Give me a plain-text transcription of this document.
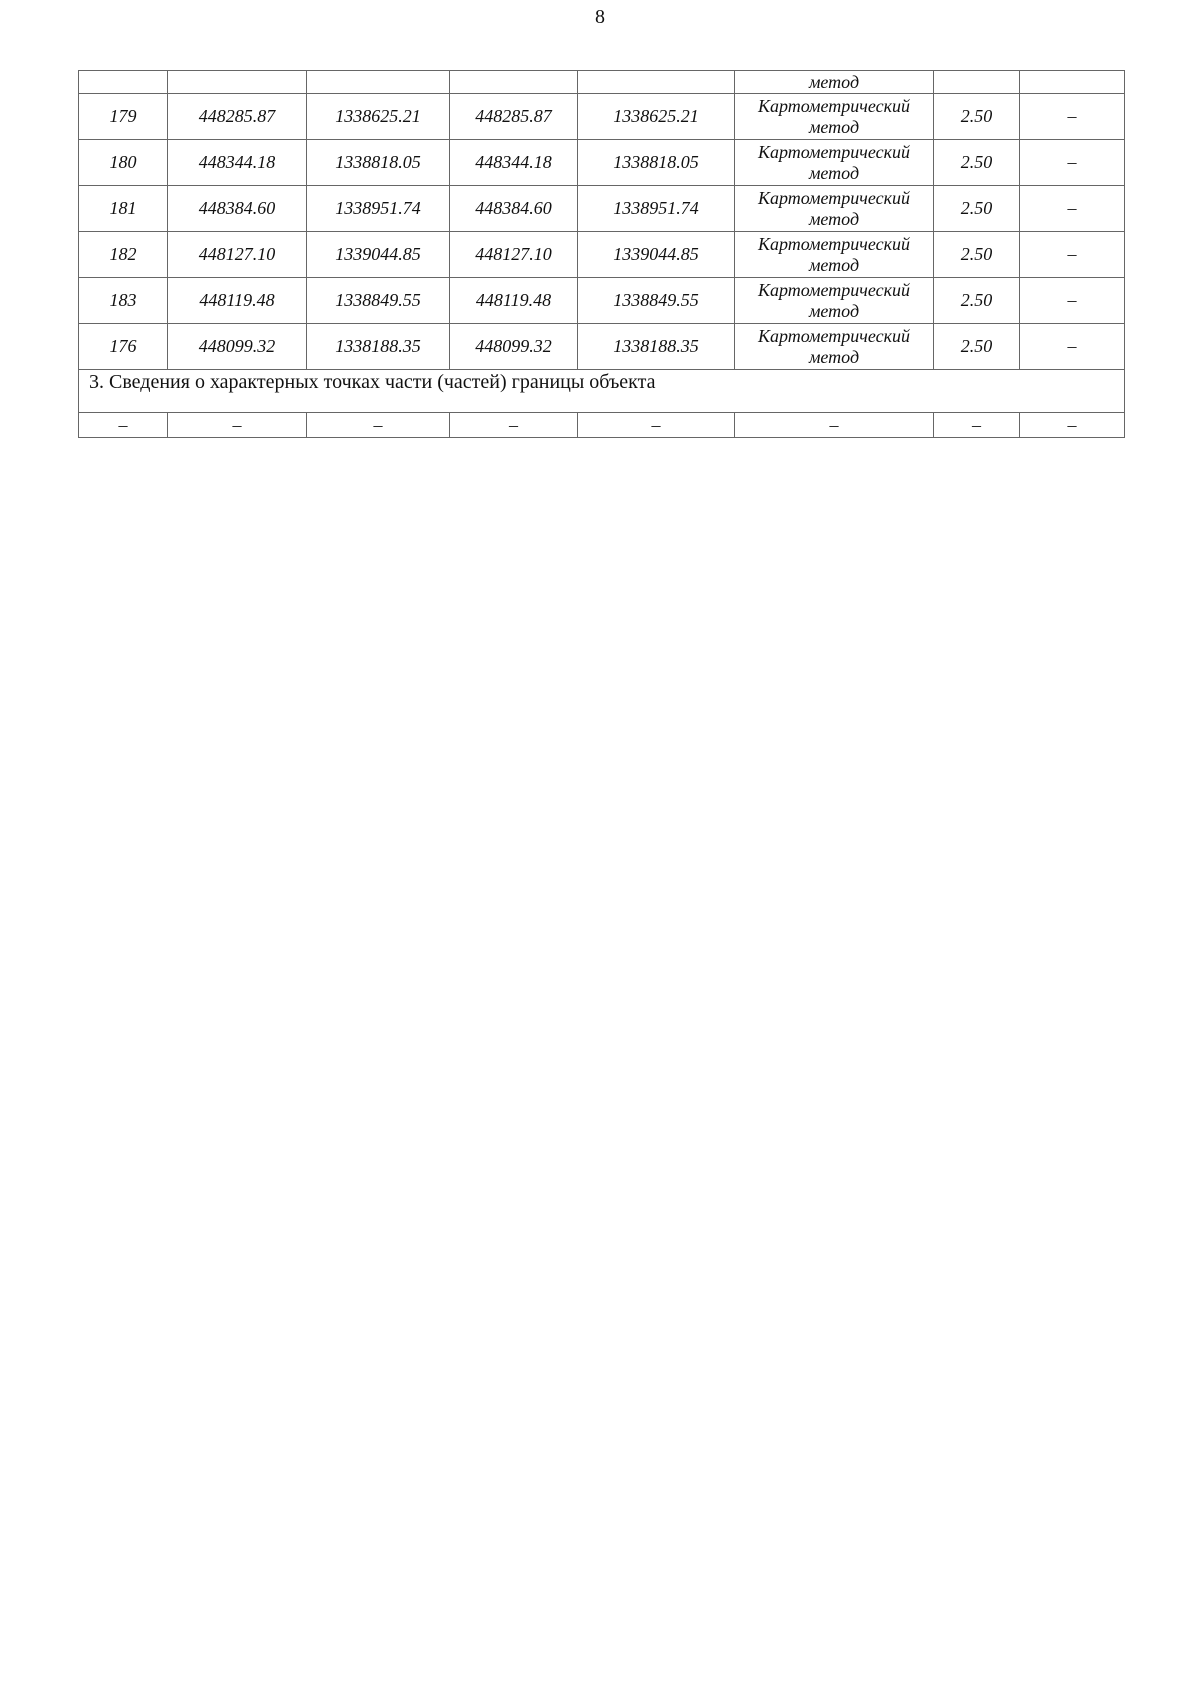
8
					метод		
179	448285.87	1338625.21	448285.87	1338625.21	Картометрический метод	2.50	–
180	448344.18	1338818.05	448344.18	1338818.05	Картометрический метод	2.50	–
181	448384.60	1338951.74	448384.60	1338951.74	Картометрический метод	2.50	–
182	448127.10	1339044.85	448127.10	1339044.85	Картометрический метод	2.50	–
183	448119.48	1338849.55	448119.48	1338849.55	Картометрический метод	2.50	–
176	448099.32	1338188.35	448099.32	1338188.35	Картометрический метод	2.50	–
3. Сведения о характерных точках части (частей) границы объекта							
–	–	–	–	–	–	–	–
